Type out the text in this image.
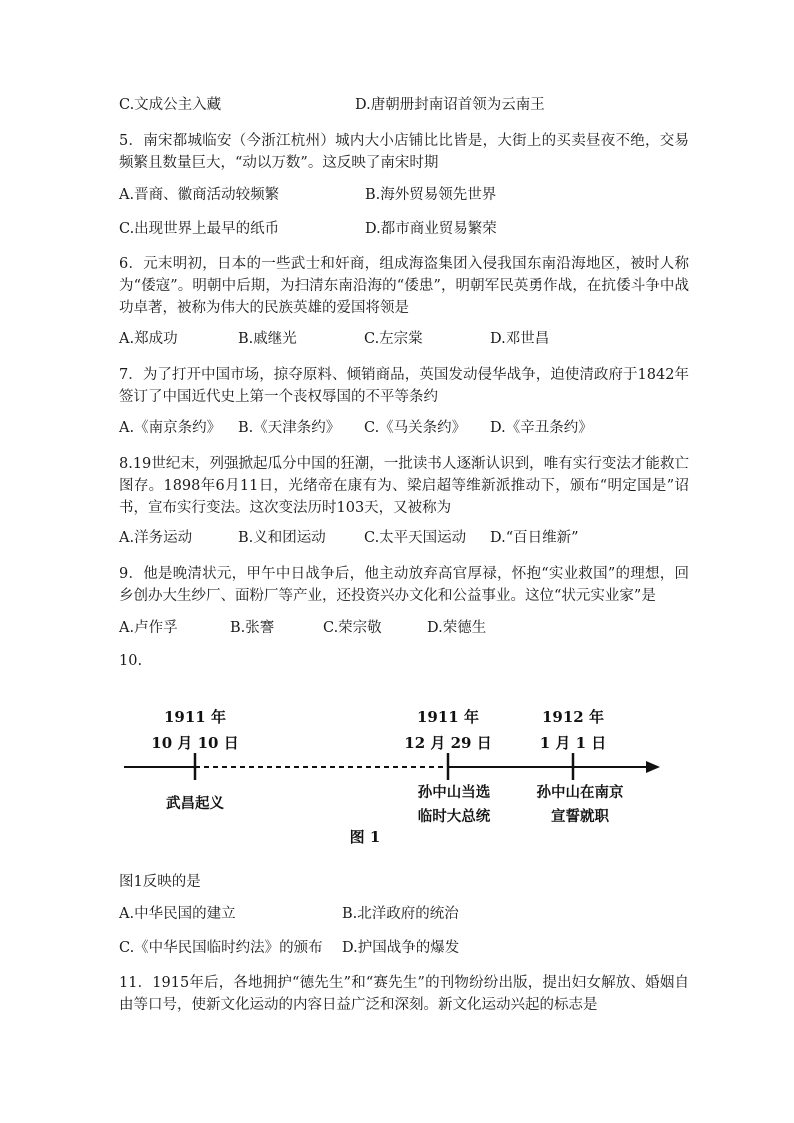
C.文成公主入藏	D.唐朝册封南诏首领为云南王
5．南宋都城临安（今浙江杭州）城内大小店铺比比皆是，大街上的买卖昼夜不绝，交易频繁且数量巨大，“动以万数”。这反映了南宋时期
A.晋商、徽商活动较频繁	B.海外贸易领先世界
C.出现世界上最早的纸币	D.都市商业贸易繁荣
6．元末明初，日本的一些武士和奸商，组成海盗集团入侵我国东南沿海地区，被时人称为“倭寇”。明朝中后期，为扫清东南沿海的“倭患”，明朝军民英勇作战，在抗倭斗争中战功卓著，被称为伟大的民族英雄的爱国将领是
A.郑成功	B.戚继光	C.左宗棠	D.邓世昌
7．为了打开中国市场，掠夺原料、倾销商品，英国发动侵华战争，迫使清政府于1842年签订了中国近代史上第一个丧权辱国的不平等条约
A.《南京条约》 B.《天津条约》 C.《马关条约》 D.《辛丑条约》
8.19世纪末，列强掀起瓜分中国的狂潮，一批读书人逐渐认识到，唯有实行变法才能救亡图存。1898年6月11日，光绪帝在康有为、梁启超等维新派推动下，颁布“明定国是”诏书，宣布实行变法。这次变法历时103天，又被称为
A.洋务运动	B.义和团运动	C.太平天国运动 D.“百日维新”
9．他是晚清状元，甲午中日战争后，他主动放弃高官厚禄，怀抱“实业救国”的理想，回乡创办大生纱厂、面粉厂等产业，还投资兴办文化和公益事业。这位“状元实业家”是
A.卢作孚	B.张謇	C.荣宗敬	D.荣德生
10.
1911 年
10 月 10 日
1911 年
12 月 29 日
1912 年
1 月 1 日
武昌起义
孙中山当选
临时大总统
孙中山在南京
宣誓就职
图 1
图1反映的是
A.中华民国的建立	B.北洋政府的统治
C.《中华民国临时约法》的颁布 D.护国战争的爆发
11．1915年后，各地拥护“德先生”和“赛先生”的刊物纷纷出版，提出妇女解放、婚姻自由等口号，使新文化运动的内容日益广泛和深刻。新文化运动兴起的标志是
